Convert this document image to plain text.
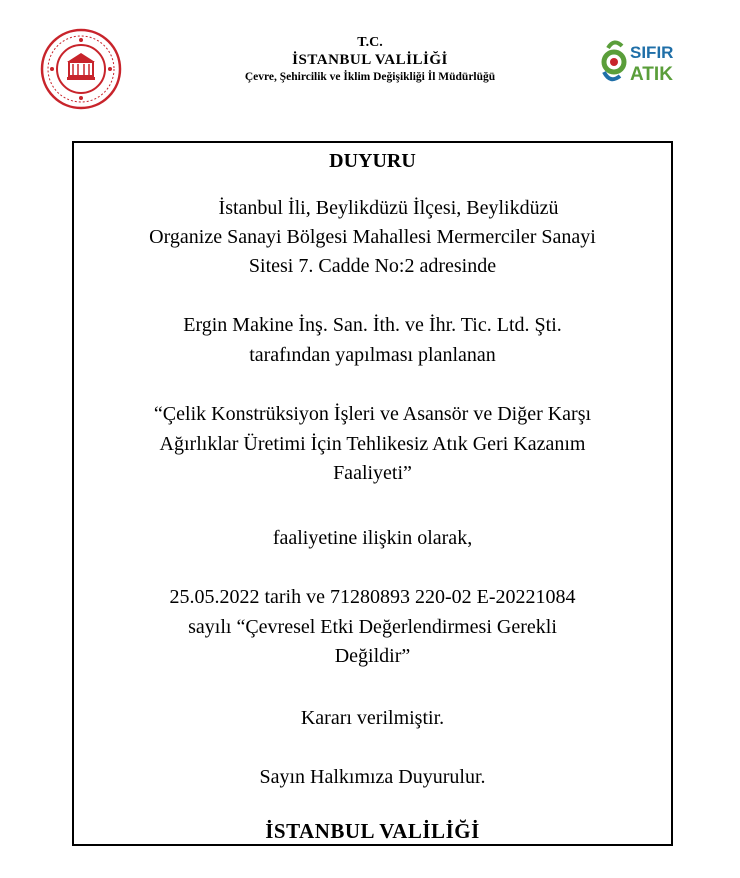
T.C.
İSTANBUL VALİLİĞİ
Çevre, Şehircilik ve İklim Değişikliği İl Müdürlüğü
SIFIR
ATIK
DUYURU
İstanbul İli, Beylikdüzü İlçesi, Beylikdüzü
Organize Sanayi Bölgesi Mahallesi Mermerciler Sanayi
Sitesi 7. Cadde No:2 adresinde
Ergin Makine İnş. San. İth. ve İhr. Tic. Ltd. Şti.
tarafından yapılması planlanan
“Çelik Konstrüksiyon İşleri ve Asansör ve Diğer Karşı
Ağırlıklar Üretimi İçin Tehlikesiz Atık Geri Kazanım
Faaliyeti”
faaliyetine ilişkin olarak,
25.05.2022 tarih ve 71280893 220-02 E-20221084
sayılı “Çevresel Etki Değerlendirmesi Gerekli
Değildir”
Kararı verilmiştir.
Sayın Halkımıza Duyurulur.
İSTANBUL VALİLİĞİ
